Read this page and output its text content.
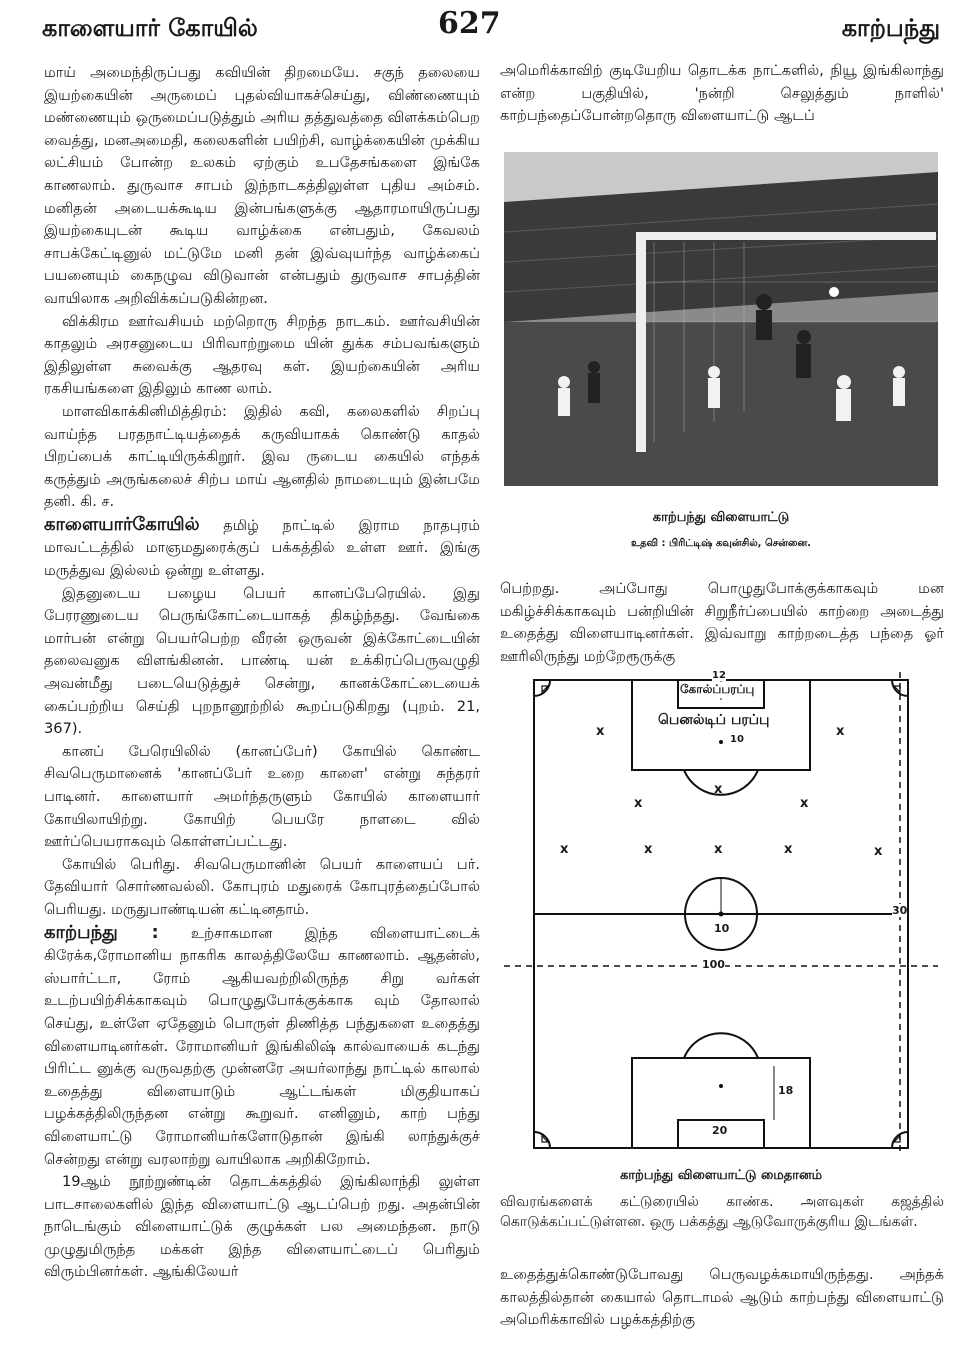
காளையார் கோயில்	627	காற்பந்து

மாய் அமைந்திருப்பது கவியின் திறமையே. சகுந் தலையை இயற்கையின் அருமைப் புதல்வியாகச்செய்து, விண்ணையும் மண்ணையும் ஒருமைப்படுத்தும் அரிய தத்துவத்தை விளக்கம்பெற வைத்து, மனஅமைதி, கலைகளின் பயிற்சி, வாழ்க்கையின் முக்கிய லட்சியம் போன்ற உலகம் ஏற்கும் உபதேசங்களை இங்கே காணலாம். துருவாச சாபம் இந்நாடகத்திலுள்ள புதிய அம்சம். மனிதன் அடையக்கூடிய இன்பங்களுக்கு ஆதாரமாயிருப்பது இயற்கையுடன் கூடிய வாழ்க்கை என்பதும், கேவலம் சாபக்கேட்டினுல் மட்டுமே மனி தன் இவ்வுயர்ந்த வாழ்க்கைப் பயனையும் கைநழுவ விடுவான் என்பதும் துருவாச சாபத்தின் வாயிலாக அறிவிக்கப்படுகின்றன.

விக்கிரம ஊர்வசியம் மற்றொரு சிறந்த நாடகம். ஊர்வசியின் காதலும் அரசனுடைய பிரிவாற்றுமை யின் துக்க சம்பவங்களும் இதிலுள்ள சுவைக்கு ஆதரவு கள். இயற்கையின் அரிய ரகசியங்களை இதிலும் காண லாம்.

மாளவிகாக்கினிமித்திரம்: இதில் கவி, கலைகளில் சிறப்பு வாய்ந்த பரதநாட்டியத்தைக் கருவியாகக் கொண்டு காதல் பிறப்பைக் காட்டியிருக்கிறூர். இவ ருடைய கையில் எந்தக் கருத்தும் அருங்கலைச் சிற்ப மாய் ஆனதில் நாமடையும் இன்பமே தனி. கி. ச.

காளையார்கோயில் தமிழ் நாட்டில் இராம நாதபுரம் மாவட்டத்தில் மாஞமதுரைக்குப் பக்கத்தில் உள்ள ஊர். இங்கு மருத்துவ இல்லம் ஒன்று உள்ளது.

இதனுடைய பழைய பெயர் கானப்பேரெயில். இது பேரரணுடைய பெருங்கோட்டையாகத் திகழ்ந்தது. வேங்கை மார்பன் என்று பெயர்பெற்ற வீரன் ஒருவன் இக்கோட்டையின் தலைவனுக விளங்கினன். பாண்டி யன் உக்கிரப்பெருவழுதி அவன்மீது படையெடுத்துச் சென்று, கானக்கோட்டையைக் கைப்பற்றிய செய்தி புறநானூற்றில் கூறப்படுகிறது (புறம். 21, 367).

கானப் பேரெயிலில் (கானப்பேர்) கோயில் கொண்ட சிவபெருமானைக் 'கானப்பேர் உறை காளை' என்று சுந்தரர் பாடினர். காளையார் அமர்ந்தருளும் கோயில் காளையார் கோயிலாயிற்று. கோயிற் பெயரே நாளடை வில் ஊர்ப்பெயராகவும் கொள்ளப்பட்டது.

கோயில் பெரிது. சிவபெருமானின் பெயர் காளையப் பர். தேவியார் சொர்ணவல்லி. கோபுரம் மதுரைக் கோபுரத்தைப்போல் பெரியது. மருதுபாண்டியன் கட்டினதாம்.

காற்பந்து : உற்சாகமான இந்த விளையாட்டைக் கிரேக்க,ரோமானிய நாகரிக காலத்திலேயே காணலாம். ஆதன்ஸ், ஸ்பார்ட்டா, ரோம் ஆகியவற்றிலிருந்த சிறு வர்கள் உடற்பயிற்சிக்காகவும் பொழுதுபோக்குக்காக வும் தோலால் செய்து, உள்ளே ஏதேனும் பொருள் திணித்த பந்துகளை உதைத்து விளையாடினர்கள். ரோமானியர் இங்கிலிஷ் கால்வாயைக் கடந்து பிரிட்ட னுக்கு வருவதற்கு முன்னரே அயர்லாந்து நாட்டில் காலால் உதைத்து விளையாடும் ஆட்டங்கள் மிகுதியாகப் பழக்கத்திலிருந்தன என்று கூறுவர். எனினும், காற் பந்து விளையாட்டு ரோமானியர்களோடுதான் இங்கி லாந்துக்குச் சென்றது என்று வரலாற்று வாயிலாக அறிகிறோம்.

19ஆம் நூற்றுண்டின் தொடக்கத்தில் இங்கிலாந்தி லுள்ள பாடசாலைகளில் இந்த விளையாட்டு ஆடப்பெற் றது. அதன்பின் நாடெங்கும் விளையாட்டுக் குழுக்கள் பல அமைந்தன. நாடு முழுதுமிருந்த மக்கள் இந்த விளையாட்டைப் பெரிதும் விரும்பினர்கள். ஆங்கிலேயர்

அமெரிக்காவிற் குடியேறிய தொடக்க நாட்களில், நியூ இங்கிலாந்து என்ற பகுதியில், 'நன்றி செலுத்தும் நாளில்' காற்பந்தைப்போன்றதொரு விளையாட்டு ஆடப்

காற்பந்து விளையாட்டு
உதவி : பிரிட்டிஷ் கவுன்சில், சென்னை.

பெற்றது. அப்போது பொழுதுபோக்குக்காகவும் மன மகிழ்ச்சிக்காகவும் பன்றியின் சிறுநீர்ப்பையில் காற்றை அடைத்து உதைத்து விளையாடினர்கள். இவ்வாறு காற்றடைத்த பந்தை ஓர் ஊரிலிருந்து மற்றேரூருக்கு

கோல்ப்பரப்பு
பெனல்டிப் பரப்பு
12
10
10
30
100
18
20
x	x
x
x	x
x	x	x	x
x
காற்பந்து விளையாட்டு மைதானம்

விவரங்களைக் கட்டுரையில் காண்க. அளவுகள் கஜத்தில் கொடுக்கப்பட்டுள்ளன. ஒரு பக்கத்து ஆடுவோருக்குரிய இடங்கள்.

உதைத்துக்கொண்டுபோவது பெருவழக்கமாயிருந்தது. அந்தக் காலத்தில்தான் கையால் தொடாமல் ஆடும் காற்பந்து விளையாட்டு அமெரிக்காவில் பழக்கத்திற்கு
